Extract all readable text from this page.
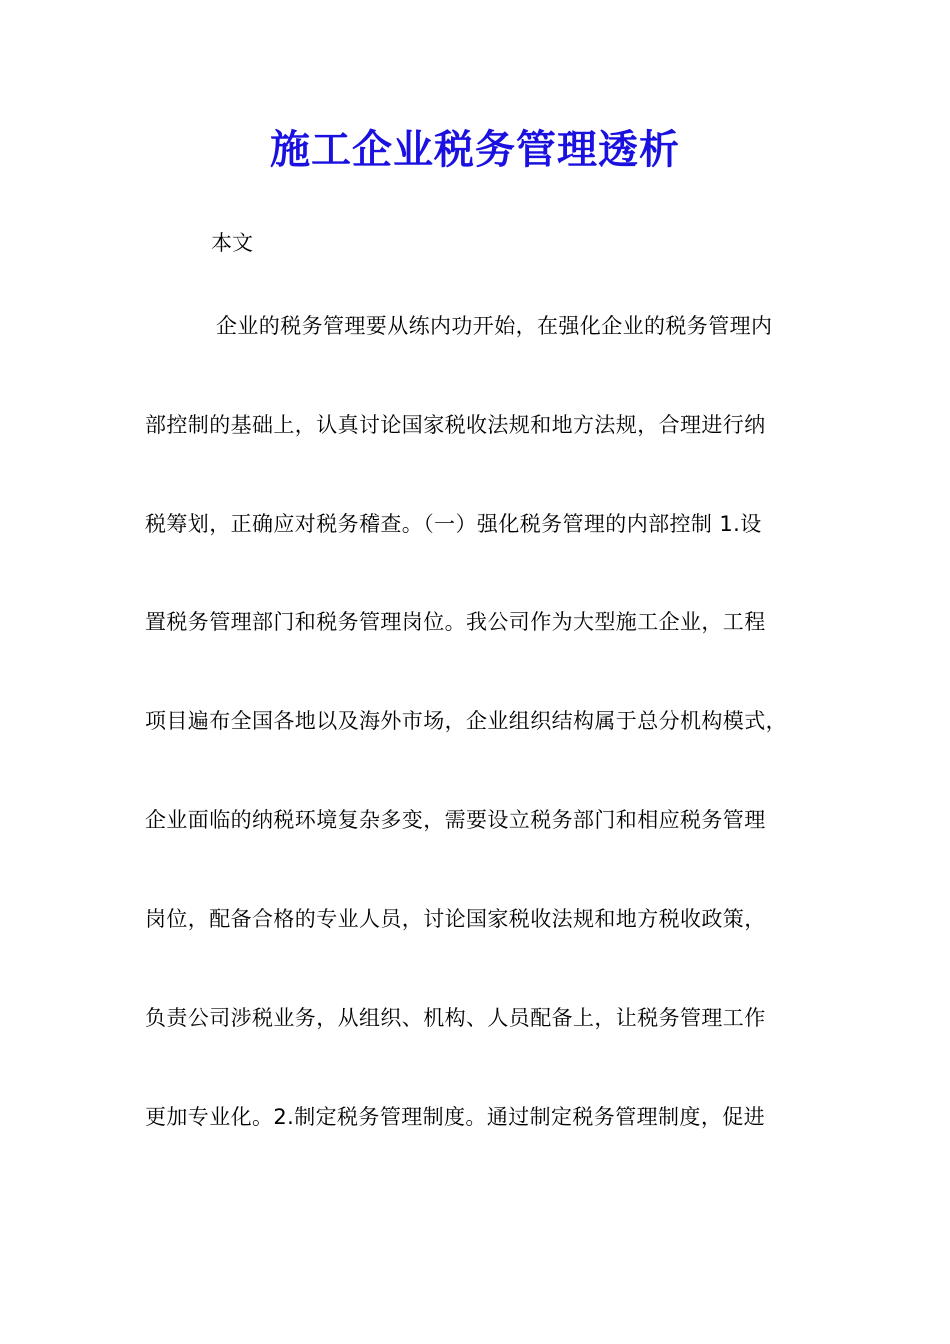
施工企业税务管理透析
本文
企业的税务管理要从练内功开始，在强化企业的税务管理内
部控制的基础上，认真讨论国家税收法规和地方法规，合理进行纳
税筹划，正确应对税务稽查。（一）强化税务管理的内部控制 1.设
置税务管理部门和税务管理岗位。我公司作为大型施工企业，工程
项目遍布全国各地以及海外市场，企业组织结构属于总分机构模式，
企业面临的纳税环境复杂多变，需要设立税务部门和相应税务管理
岗位，配备合格的专业人员，讨论国家税收法规和地方税收政策，
负责公司涉税业务，从组织、机构、人员配备上，让税务管理工作
更加专业化。2.制定税务管理制度。通过制定税务管理制度，促进
